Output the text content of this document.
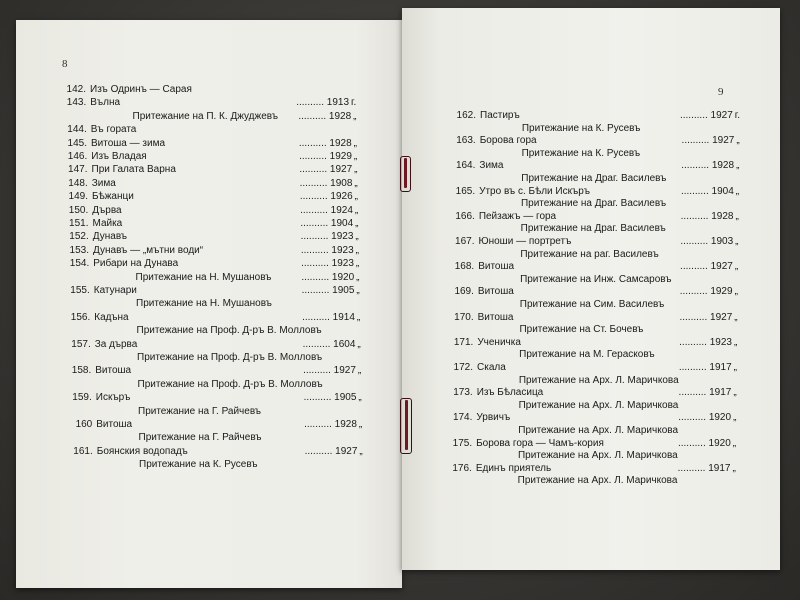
8
142. Изъ Одринъ — Сарая
143. Вълна	.......... 1913 г.
Притежание на П. К. Джуджевъ .......... 1928 „
144. Въ гората
145. Витоша — зима	.......... 1928 „
146. Изъ Владая	.......... 1929 „
147. При Галата Варна	.......... 1927 „
148. Зима	.......... 1908 „
149. Бѣжанци	.......... 1926 „
150. Дърва	.......... 1924 „
151. Майка	.......... 1904 „
152. Дунавъ	.......... 1923 „
153. Дунавъ — „мътни води“	.......... 1923 „
154. Рибари на Дунава	.......... 1923 „
Притежание на Н. Мушановъ	.......... 1920 „
155. Катунари	.......... 1905 „
Притежание на Н. Мушановъ
156. Кадъна	.......... 1914 „
Притежание на Проф. Д-ръ В. Молловъ
157. За дърва	.......... 1604 „
Притежание на Проф. Д-ръ В. Молловъ
158. Витоша	.......... 1927 „
Притежание на Проф. Д-ръ В. Молловъ
159. Искъръ	.......... 1905 „
Притежание на Г. Райчевъ
160 Витоша	.......... 1928 „
Притежание на Г. Райчевъ
161. Боянския водопадъ	.......... 1927 „
Притежание на К. Русевъ
9
162. Пастиръ	.......... 1927 г.
Притежание на К. Русевъ
163. Борова гора	.......... 1927 „
Притежание на К. Русевъ
164. Зима	.......... 1928 „
Притежание на Драг. Василевъ
165. Утро въ с. Бѣли Искъръ	.......... 1904 „
Притежание на Драг. Василевъ
166. Пейзажъ — гора	.......... 1928 „
Притежание на Драг. Василевъ
167. Юноши — портретъ	.......... 1903 „
Притежание на раг. Василевъ
168. Витоша	.......... 1927 „
Притежание на Инж. Самсаровъ
169. Витоша	.......... 1929 „
Притежание на Сим. Василевъ
170. Витоша	.......... 1927 „
Притежание на Ст. Бочевъ
171. Ученичка	.......... 1923 „
Притежание на М. Герасковъ
172. Скала	.......... 1917 „
Притежание на Арх. Л. Маричкова
173. Изъ Бѣласица	.......... 1917 „
Притежание на Арх. Л. Маричкова
174. Урвичъ	.......... 1920 „
Притежание на Арх. Л. Маричкова
175. Борова гора — Чамъ-кория	.......... 1920 „
Притежание на Арх. Л. Маричкова
176. Единъ приятель	.......... 1917 „
Притежание на Арх. Л. Маричкова
